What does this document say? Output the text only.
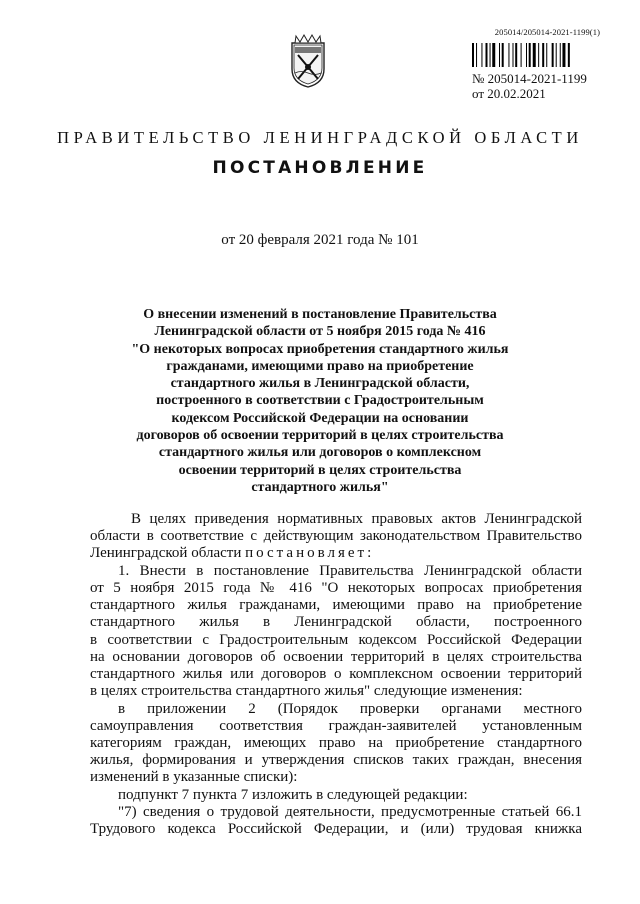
205014/205014-2021-1199(1)
№ 205014-2021-1199
от 20.02.2021
ПРАВИТЕЛЬСТВО ЛЕНИНГРАДСКОЙ ОБЛАСТИ
ПОСТАНОВЛЕНИЕ
от 20 февраля 2021 года № 101
О внесении изменений в постановление Правительства
Ленинградской области от 5 ноября 2015 года № 416
"О некоторых вопросах приобретения стандартного жилья
гражданами, имеющими право на приобретение
стандартного жилья в Ленинградской области,
построенного в соответствии с Градостроительным
кодексом Российской Федерации на основании
договоров об освоении территорий в целях строительства
стандартного жилья или договоров о комплексном
освоении территорий в целях строительства
стандартного жилья"
В целях приведения нормативных правовых актов Ленинградской
области в соответствие с действующим законодательством Правительство
Ленинградской области постановляет:
1. Внести в постановление Правительства Ленинградской области
от 5 ноября 2015 года № 416 "О некоторых вопросах приобретения
стандартного жилья гражданами, имеющими право на приобретение
стандартного жилья в Ленинградской области, построенного
в соответствии с Градостроительным кодексом Российской Федерации
на основании договоров об освоении территорий в целях строительства
стандартного жилья или договоров о комплексном освоении территорий
в целях строительства стандартного жилья" следующие изменения:
в приложении 2 (Порядок проверки органами местного
самоуправления соответствия граждан-заявителей установленным
категориям граждан, имеющих право на приобретение стандартного
жилья, формирования и утверждения списков таких граждан, внесения
изменений в указанные списки):
подпункт 7 пункта 7 изложить в следующей редакции:
"7) сведения о трудовой деятельности, предусмотренные статьей 66.1
Трудового кодекса Российской Федерации, и (или) трудовая книжка
